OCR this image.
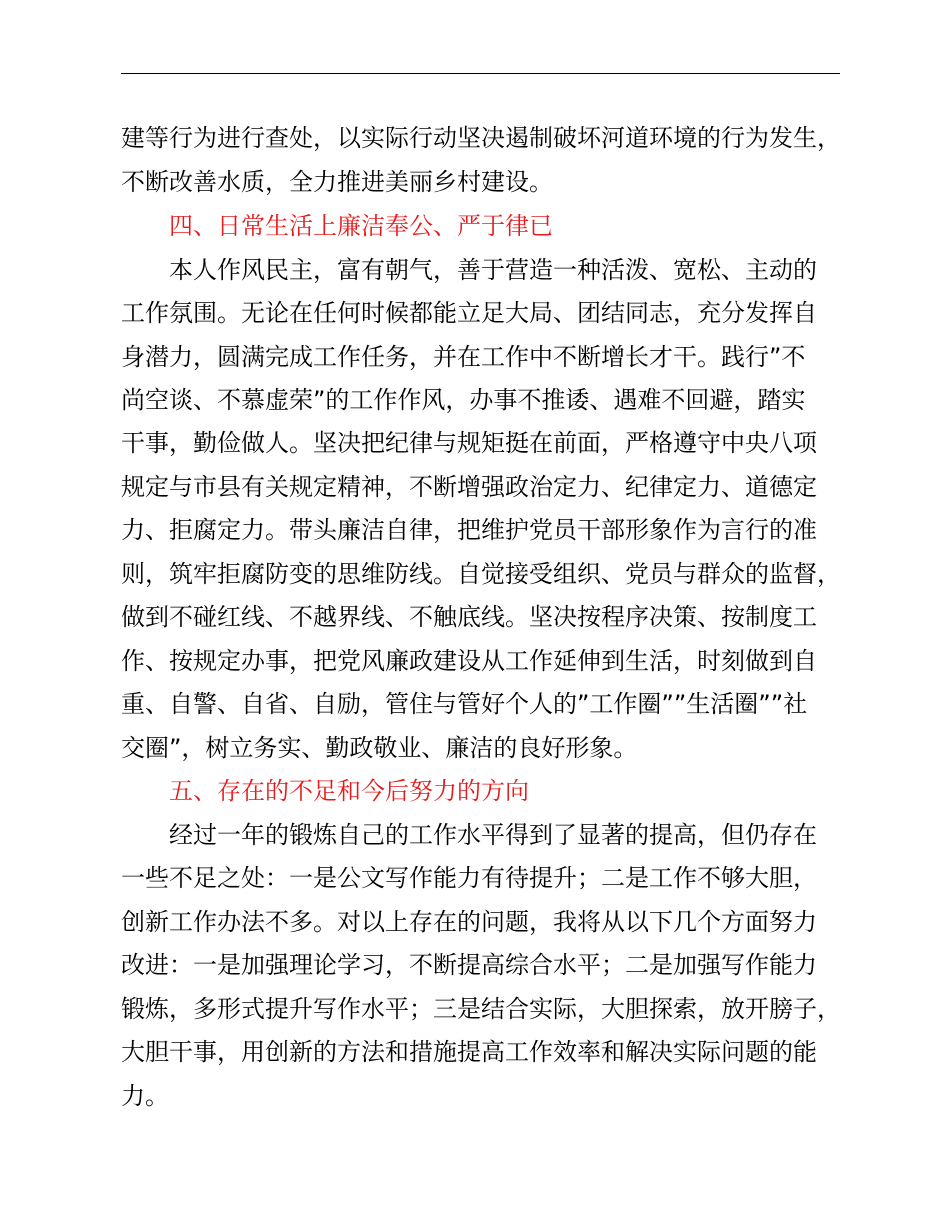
建等行为进行查处，以实际行动坚决遏制破坏河道环境的行为发生，
不断改善水质，全力推进美丽乡村建设。
四、日常生活上廉洁奉公、严于律已
本人作风民主，富有朝气，善于营造一种活泼、宽松、主动的
工作氛围。无论在任何时候都能立足大局、团结同志，充分发挥自
身潜力，圆满完成工作任务，并在工作中不断增长才干。践行”不
尚空谈、不慕虚荣”的工作作风，办事不推诿、遇难不回避，踏实
干事，勤俭做人。坚决把纪律与规矩挺在前面，严格遵守中央八项
规定与市县有关规定精神，不断增强政治定力、纪律定力、道德定
力、拒腐定力。带头廉洁自律，把维护党员干部形象作为言行的准
则，筑牢拒腐防变的思维防线。自觉接受组织、党员与群众的监督，
做到不碰红线、不越界线、不触底线。坚决按程序决策、按制度工
作、按规定办事，把党风廉政建设从工作延伸到生活，时刻做到自
重、自警、自省、自励，管住与管好个人的”工作圈””生活圈””社
交圈”，树立务实、勤政敬业、廉洁的良好形象。
五、存在的不足和今后努力的方向
经过一年的锻炼自己的工作水平得到了显著的提高，但仍存在
一些不足之处：一是公文写作能力有待提升；二是工作不够大胆，
创新工作办法不多。对以上存在的问题，我将从以下几个方面努力
改进：一是加强理论学习，不断提高综合水平；二是加强写作能力
锻炼，多形式提升写作水平；三是结合实际，大胆探索，放开膀子，
大胆干事，用创新的方法和措施提高工作效率和解决实际问题的能
力。
